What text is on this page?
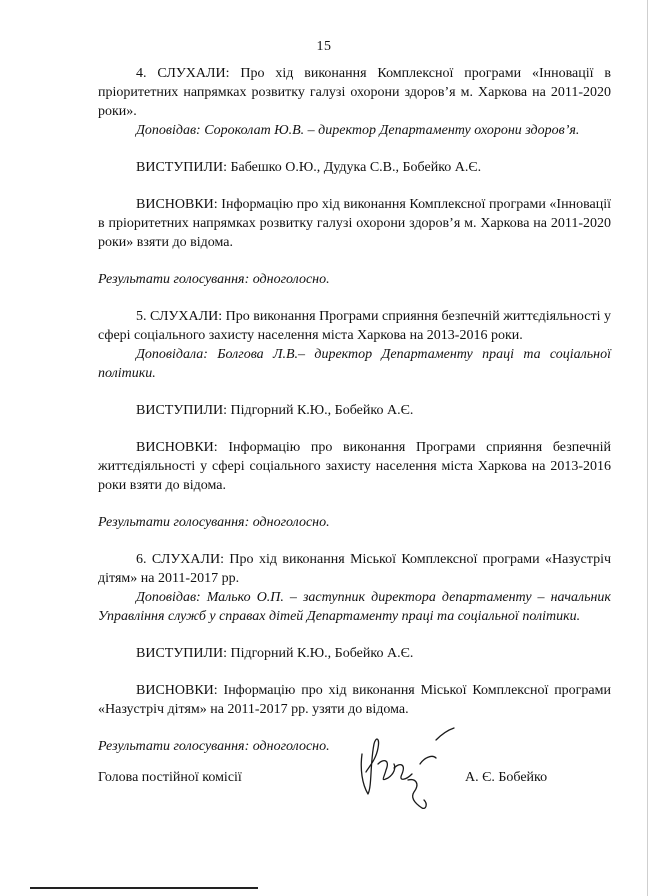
15

4. СЛУХАЛИ: Про хід виконання Комплексної програми «Інновації в пріоритетних напрямках розвитку галузі охорони здоров’я м. Харкова на 2011-2020 роки».

Доповідав: Сороколат Ю.В. – директор Департаменту охорони здоров’я.

ВИСТУПИЛИ: Бабешко О.Ю., Дудука С.В., Бобейко А.Є.

ВИСНОВКИ: Інформацію про хід виконання Комплексної програми «Інновації в пріоритетних напрямках розвитку галузі охорони здоров’я м. Харкова на 2011-2020 роки» взяти до відома.

Результати голосування: одноголосно.

5. СЛУХАЛИ: Про виконання Програми сприяння безпечній життєдіяльності у сфері соціального захисту населення міста Харкова на 2013-2016 роки.

Доповідала: Болгова Л.В.– директор Департаменту праці та соціальної політики.

ВИСТУПИЛИ: Підгорний К.Ю., Бобейко А.Є.

ВИСНОВКИ: Інформацію про виконання Програми сприяння безпечній життєдіяльності у сфері соціального захисту населення міста Харкова на 2013-2016 роки взяти до відома.

Результати голосування: одноголосно.

6. СЛУХАЛИ: Про хід виконання Міської Комплексної програми «Назустріч дітям» на 2011-2017 рр.

Доповідав: Малько О.П. – заступник директора департаменту – начальник Управління служб у справах дітей Департаменту праці та соціальної політики.

ВИСТУПИЛИ: Підгорний К.Ю., Бобейко А.Є.

ВИСНОВКИ: Інформацію про хід виконання Міської Комплексної програми «Назустріч дітям» на 2011-2017 рр. узяти до відома.

Результати голосування: одноголосно.

Голова постійної комісії	А. Є. Бобейко
